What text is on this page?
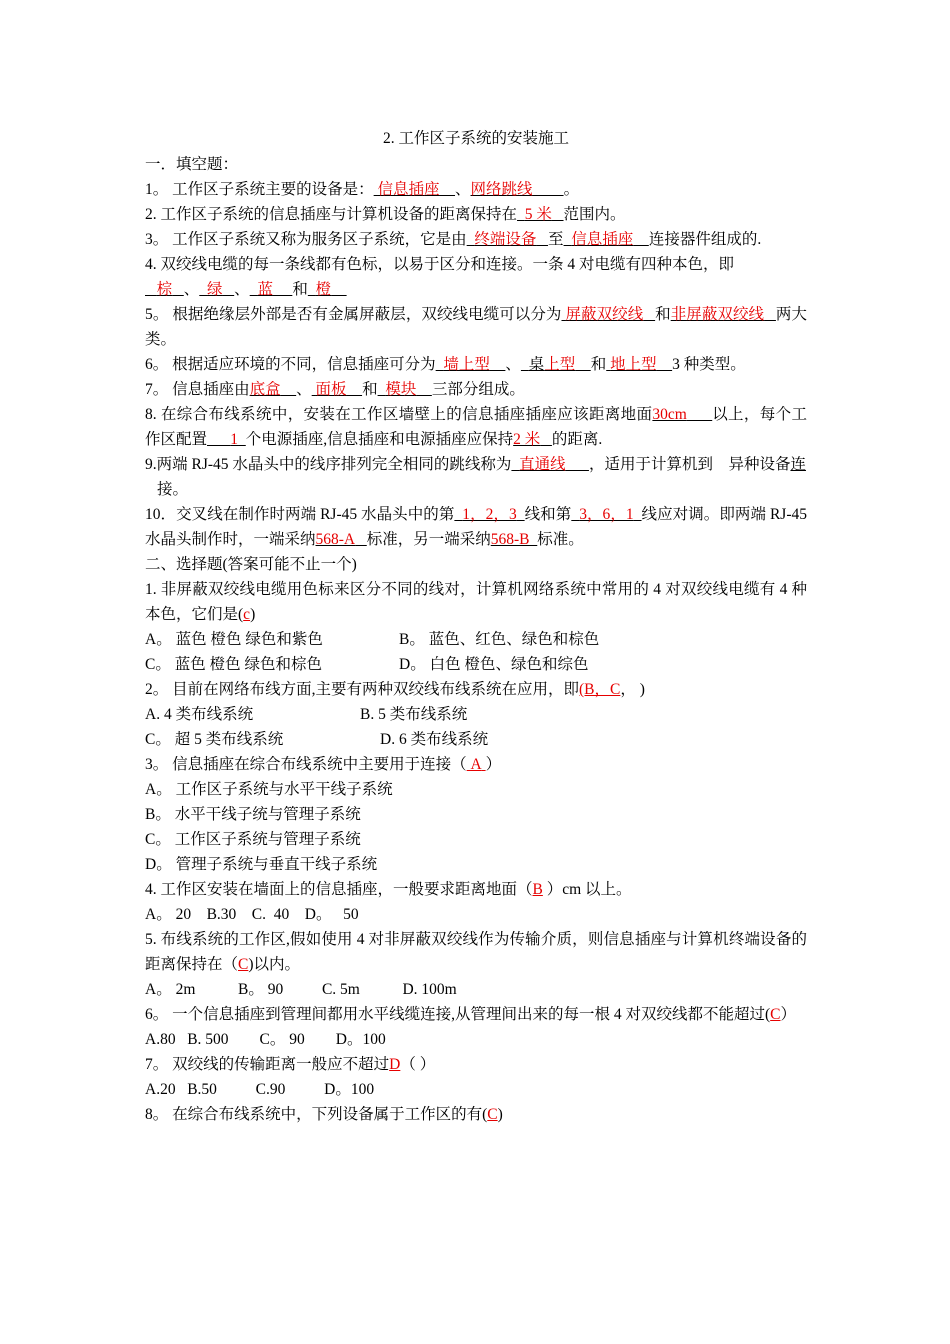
2. 工作区子系统的安装施工
一．填空题：
1。 工作区子系统主要的设备是： 信息插座 、网络跳线 。
2. 工作区子系统的信息插座与计算机设备的距离保持在 5 米 范围内。
3。 工作区子系统又称为服务区子系统，它是由 终端设备 至 信息插座 连接器件组成的.
4. 双绞线电缆的每一条线都有色标，以易于区分和连接。一条 4 对电缆有四种本色，即
棕 、 绿 、 蓝 和 橙
5。 根据绝缘层外部是否有金属屏蔽层，双绞线电缆可以分为 屏蔽双绞线 和非屏蔽双绞线 两大类。
6。 根据适应环境的不同，信息插座可分为 墙上型 、 桌上型 和 地上型 3 种类型。
7。 信息插座由底盒 、 面板 和 模块 三部分组成。
8. 在综合布线系统中，安装在工作区墙壁上的信息插座插座应该距离地面30cm 以上，每个工作区配置 1 个电源插座,信息插座和电源插座应保持2 米 的距离.
9.两端 RJ-45 水晶头中的线序排列完全相同的跳线称为 直通线 ，适用于计算机到　异种设备连
接。
10．交叉线在制作时两端 RJ-45 水晶头中的第 1，2，3 线和第 3，6，1 线应对调。即两端 RJ-45 水晶头制作时，一端采纳568-A 标准，另一端采纳568-B 标准。
二、选择题(答案可能不止一个)
1. 非屏蔽双绞线电缆用色标来区分不同的线对，计算机网络系统中常用的 4 对双绞线电缆有 4 种本色，它们是(c)
A。 蓝色 橙色 绿色和紫色	B。 蓝色、红色、绿色和棕色
C。 蓝色 橙色 绿色和棕色	D。 白色 橙色、绿色和综色
2。 目前在网络布线方面,主要有两种双绞线布线系统在应用，即(B，C， )
A. 4 类布线系统	B. 5 类布线系统
C。 超 5 类布线系统	D. 6 类布线系统
3。 信息插座在综合布线系统中主要用于连接（ A ）
A。 工作区子系统与水平干线子系统
B。 水平干线子统与管理子系统
C。 工作区子系统与管理子系统
D。 管理子系统与垂直干线子系统
4. 工作区安装在墙面上的信息插座，一般要求距离地面（B ）cm 以上。
A。 20    B.30    C.  40    D。   50
5. 布线系统的工作区,假如使用 4 对非屏蔽双绞线作为传输介质，则信息插座与计算机终端设备的距离保持在（C)以内。
A。 2m           B。 90          C. 5m           D. 100m
6。 一个信息插座到管理间都用水平线缆连接,从管理间出来的每一根 4 对双绞线都不能超过(C）
A.80   B. 500        C。 90        D。100
7。 双绞线的传输距离一般应不超过D（ ）
A.20   B.50          C.90          D。100
8。 在综合布线系统中，下列设备属于工作区的有(C)
